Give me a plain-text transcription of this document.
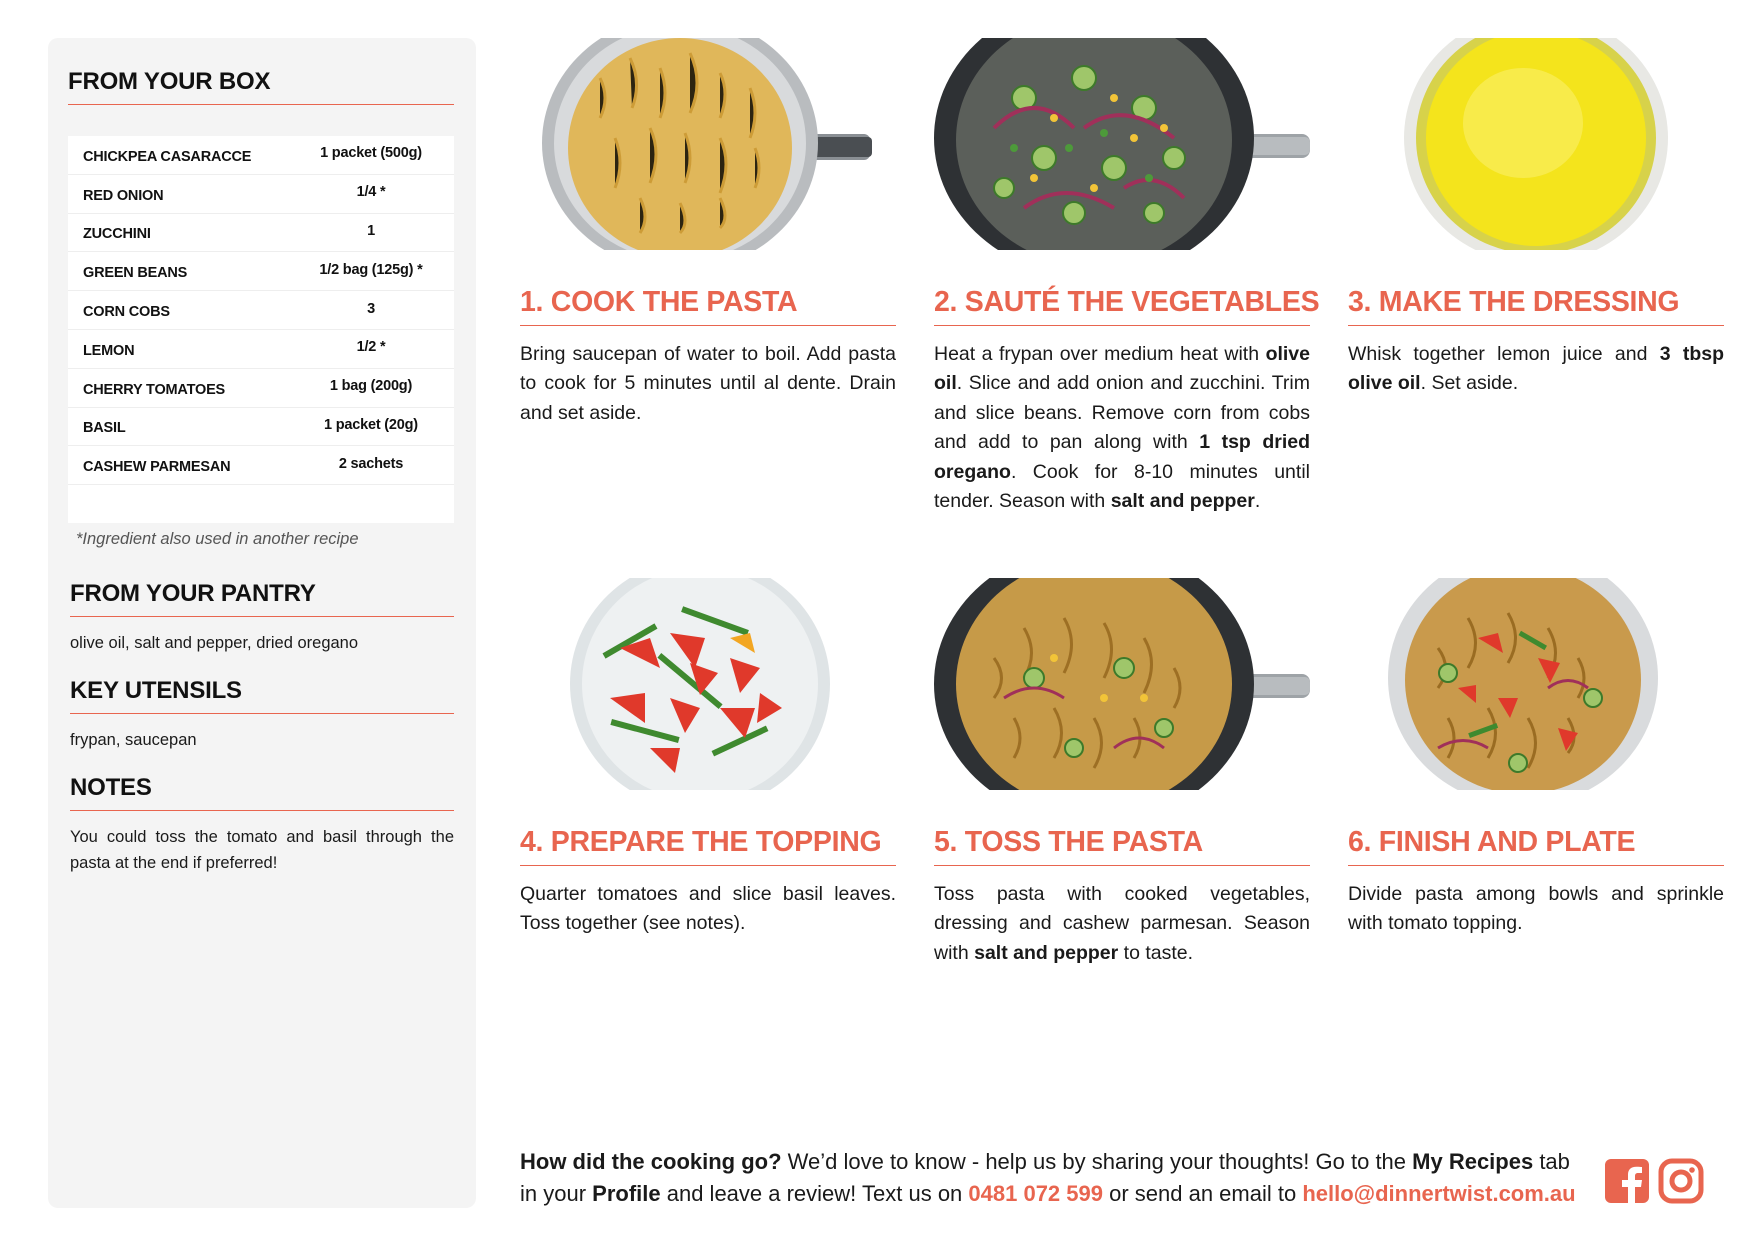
FROM YOUR BOX
CHICKPEA CASARACCE	1 packet (500g)
RED ONION	1/4 *
ZUCCHINI	1
GREEN BEANS	1/2 bag (125g) *
CORN COBS	3
LEMON	1/2 *
CHERRY TOMATOES	1 bag (200g)
BASIL	1 packet (20g)
CASHEW PARMESAN	2 sachets
*Ingredient also used in another recipe
FROM YOUR PANTRY
olive oil, salt and pepper, dried oregano
KEY UTENSILS
frypan, saucepan
NOTES
You could toss the tomato and basil through the pasta at the end if preferred!
1. COOK THE PASTA
Bring saucepan of water to boil. Add pasta to cook for 5 minutes until al dente. Drain and set aside.
2. SAUTÉ THE VEGETABLES
Heat a frypan over medium heat with olive oil. Slice and add onion and zucchini. Trim and slice beans. Remove corn from cobs and add to pan along with 1 tsp dried oregano. Cook for 8-10 minutes until tender. Season with salt and pepper.
3. MAKE THE DRESSING
Whisk together lemon juice and 3 tbsp olive oil. Set aside.
4. PREPARE THE TOPPING
Quarter tomatoes and slice basil leaves. Toss together (see notes).
5. TOSS THE PASTA
Toss pasta with cooked vegetables, dressing and cashew parmesan. Season with salt and pepper to taste.
6. FINISH AND PLATE
Divide pasta among bowls and sprinkle with tomato topping.
How did the cooking go? We’d love to know - help us by sharing your thoughts! Go to the My Recipes tab in your Profile and leave a review! Text us on 0481 072 599 or send an email to hello@dinnertwist.com.au
